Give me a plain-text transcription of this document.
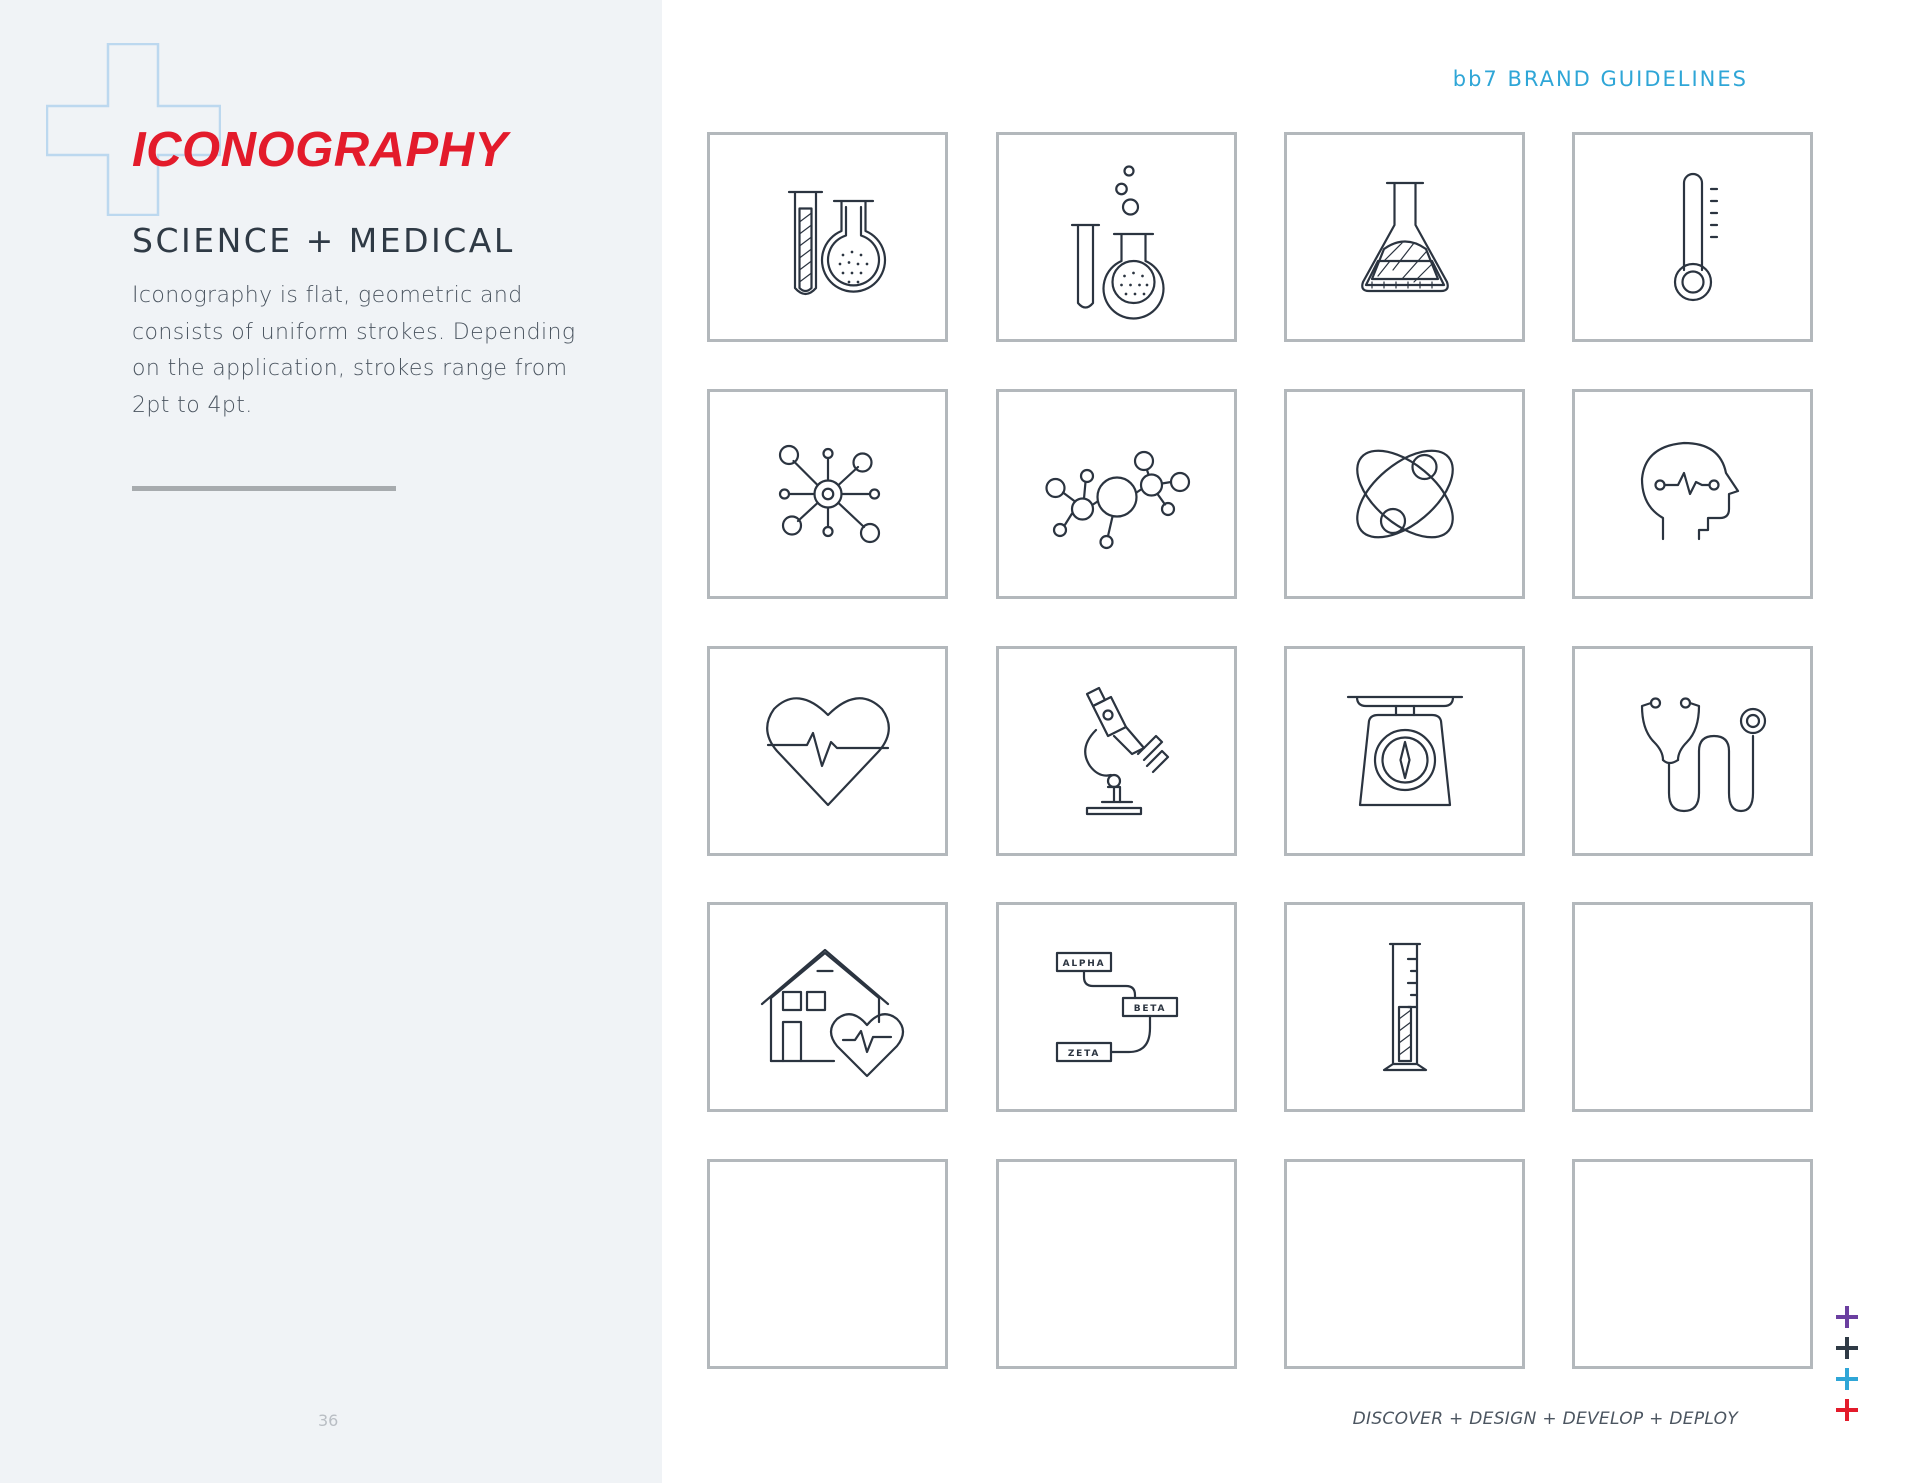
ICONOGRAPHY
SCIENCE + MEDICAL

Iconography is flat, geometric and consists of uniform strokes. Depending on the application, strokes range from 2pt to 4pt.

36
bb7 BRAND GUIDELINES
ALPHA
BETA
ZETA
DISCOVER + DESIGN + DEVELOP + DEPLOY
